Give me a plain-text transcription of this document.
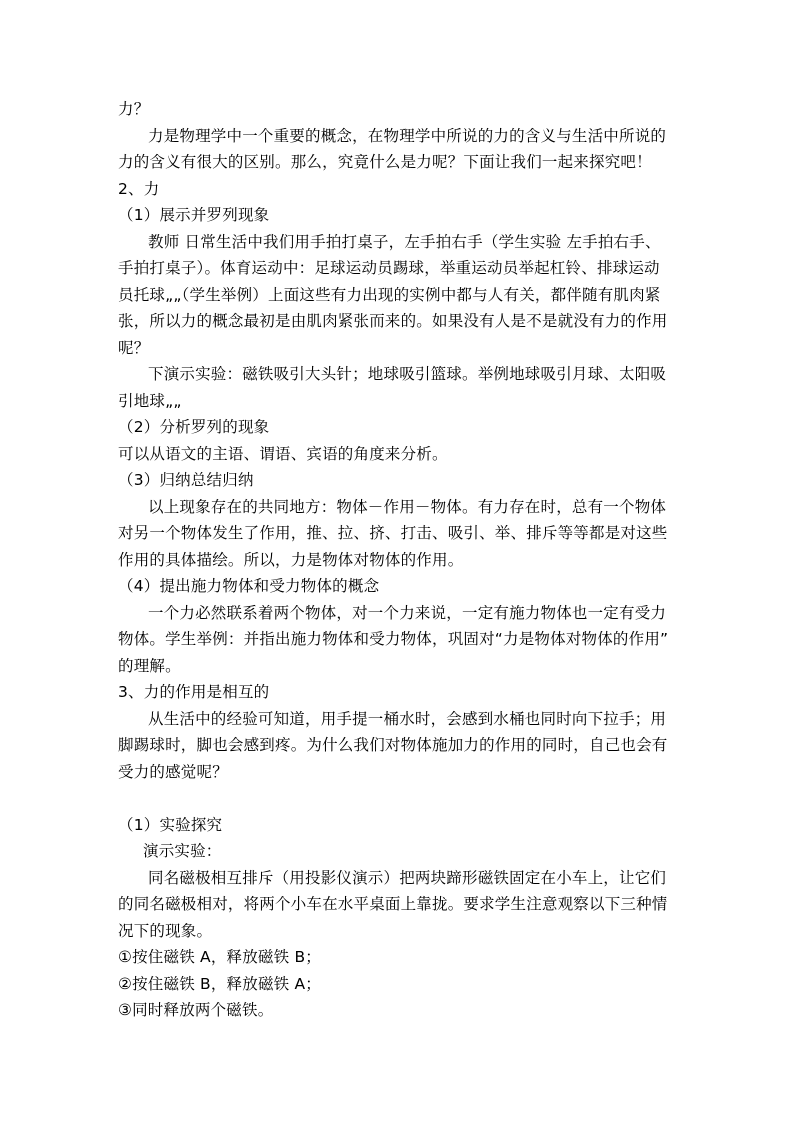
力？
力是物理学中一个重要的概念，在物理学中所说的力的含义与生活中所说的
力的含义有很大的区别。那么，究竟什么是力呢？下面让我们一起来探究吧！
2、力
（1）展示并罗列现象
教师 日常生活中我们用手拍打桌子，左手拍右手（学生实验 左手拍右手、
手拍打桌子）。体育运动中：足球运动员踢球，举重运动员举起杠铃、排球运动
员托球„„（学生举例）上面这些有力出现的实例中都与人有关，都伴随有肌肉紧
张，所以力的概念最初是由肌肉紧张而来的。如果没有人是不是就没有力的作用
呢？
下演示实验：磁铁吸引大头针；地球吸引篮球。举例地球吸引月球、太阳吸
引地球„„
（2）分析罗列的现象
可以从语文的主语、谓语、宾语的角度来分析。
（3）归纳总结归纳
以上现象存在的共同地方：物体－作用－物体。有力存在时，总有一个物体
对另一个物体发生了作用，推、拉、挤、打击、吸引、举、排斥等等都是对这些
作用的具体描绘。所以，力是物体对物体的作用。
（4）提出施力物体和受力物体的概念
一个力必然联系着两个物体，对一个力来说，一定有施力物体也一定有受力
物体。学生举例：并指出施力物体和受力物体，巩固对“力是物体对物体的作用”
的理解。
3、力的作用是相互的
从生活中的经验可知道，用手提一桶水时，会感到水桶也同时向下拉手；用
脚踢球时，脚也会感到疼。为什么我们对物体施加力的作用的同时，自己也会有
受力的感觉呢？
（1）实验探究
演示实验：
同名磁极相互排斥（用投影仪演示）把两块蹄形磁铁固定在小车上，让它们
的同名磁极相对，将两个小车在水平桌面上靠拢。要求学生注意观察以下三种情
况下的现象。
①按住磁铁 A，释放磁铁 B；
②按住磁铁 B，释放磁铁 A；
③同时释放两个磁铁。
